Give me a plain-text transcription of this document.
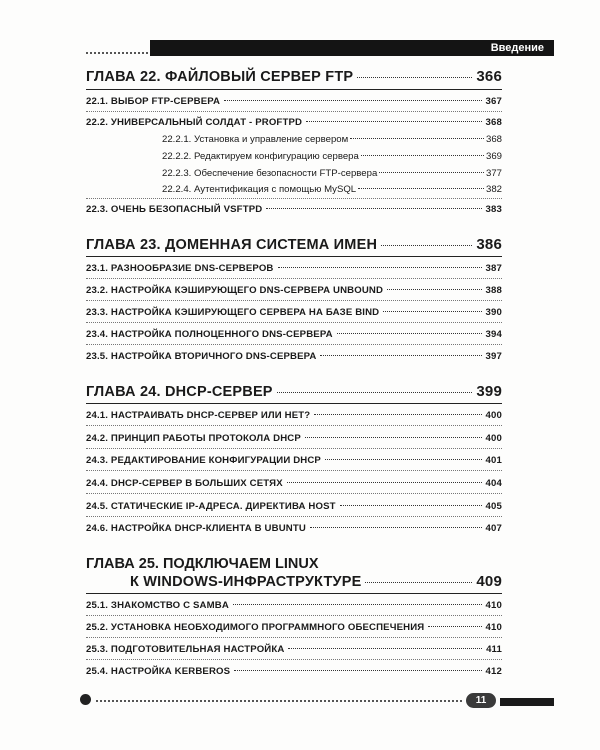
Введение
ГЛАВА 22. ФАЙЛОВЫЙ СЕРВЕР FTP	366
22.1. ВЫБОР FTP-СЕРВЕРА	367
22.2. УНИВЕРСАЛЬНЫЙ СОЛДАТ - PROFTPD	368
22.2.1. Установка и управление сервером	368
22.2.2. Редактируем конфигурацию сервера	369
22.2.3. Обеспечение безопасности FTP-сервера	377
22.2.4. Аутентификация с помощью MySQL	382
22.3. ОЧЕНЬ БЕЗОПАСНЫЙ VSFTPD	383
ГЛАВА 23. ДОМЕННАЯ СИСТЕМА ИМЕН	386
23.1. РАЗНООБРАЗИЕ DNS-СЕРВЕРОВ	387
23.2. НАСТРОЙКА КЭШИРУЮЩЕГО DNS-СЕРВЕРА UNBOUND	388
23.3. НАСТРОЙКА КЭШИРУЮЩЕГО СЕРВЕРА НА БАЗЕ BIND	390
23.4. НАСТРОЙКА ПОЛНОЦЕННОГО DNS-СЕРВЕРА	394
23.5. НАСТРОЙКА ВТОРИЧНОГО DNS-СЕРВЕРА	397
ГЛАВА 24. DHCP-СЕРВЕР	399
24.1. НАСТРАИВАТЬ DHCP-СЕРВЕР ИЛИ НЕТ?	400
24.2. ПРИНЦИП РАБОТЫ ПРОТОКОЛА DHCP	400
24.3. РЕДАКТИРОВАНИЕ КОНФИГУРАЦИИ DHCP	401
24.4. DHCP-СЕРВЕР В БОЛЬШИХ СЕТЯХ	404
24.5. СТАТИЧЕСКИЕ IP-АДРЕСА. ДИРЕКТИВА HOST	405
24.6. НАСТРОЙКА DHCP-КЛИЕНТА В UBUNTU	407
ГЛАВА 25. ПОДКЛЮЧАЕМ LINUX
К WINDOWS-ИНФРАСТРУКТУРЕ	409
25.1. ЗНАКОМСТВО С SAMBA	410
25.2. УСТАНОВКА НЕОБХОДИМОГО ПРОГРАММНОГО ОБЕСПЕЧЕНИЯ	410
25.3. ПОДГОТОВИТЕЛЬНАЯ НАСТРОЙКА	411
25.4. НАСТРОЙКА KERBEROS	412
11
